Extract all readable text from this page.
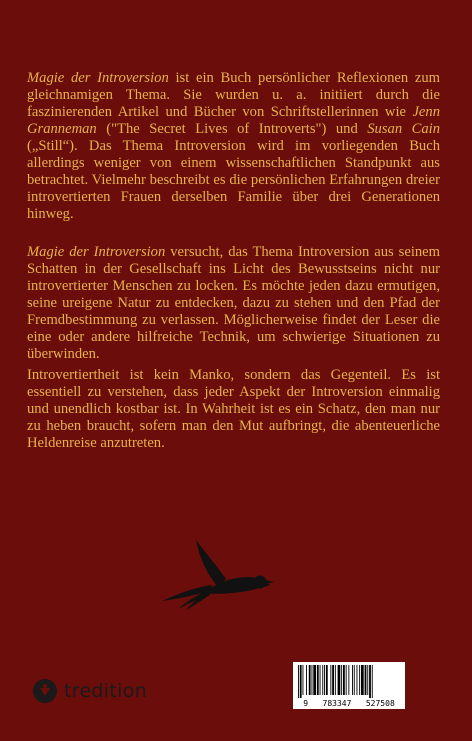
Magie der Introversion ist ein Buch persönlicher Reflexionen zum gleichnamigen Thema. Sie wurden u. a. initiiert durch die faszinierenden Artikel und Bücher von Schriftstellerinnen wie Jenn Granneman ("The Secret Lives of Introverts") und Susan Cain („Still“). Das Thema Introversion wird im vorliegenden Buch allerdings weniger von einem wissenschaftlichen Standpunkt aus betrachtet. Vielmehr beschreibt es die persönlichen Erfahrungen dreier introvertierten Frauen derselben Familie über drei Generationen hinweg.

Magie der Introversion versucht, das Thema Introversion aus seinem Schatten in der Gesellschaft ins Licht des Bewusstseins nicht nur introvertierter Menschen zu locken. Es möchte jeden dazu ermutigen, seine ureigene Natur zu entdecken, dazu zu stehen und den Pfad der Fremdbestimmung zu verlassen. Möglicherweise findet der Leser die eine oder andere hilfreiche Technik, um schwierige Situationen zu überwinden.

Introvertiertheit ist kein Manko, sondern das Gegenteil. Es ist essentiell zu verstehen, dass jeder Aspekt der Introversion einmalig und unendlich kostbar ist. In Wahrheit ist es ein Schatz, den man nur zu heben braucht, sofern man den Mut aufbringt, die abenteuerliche Heldenreise anzutreten.

tredition
9 783347 527508
